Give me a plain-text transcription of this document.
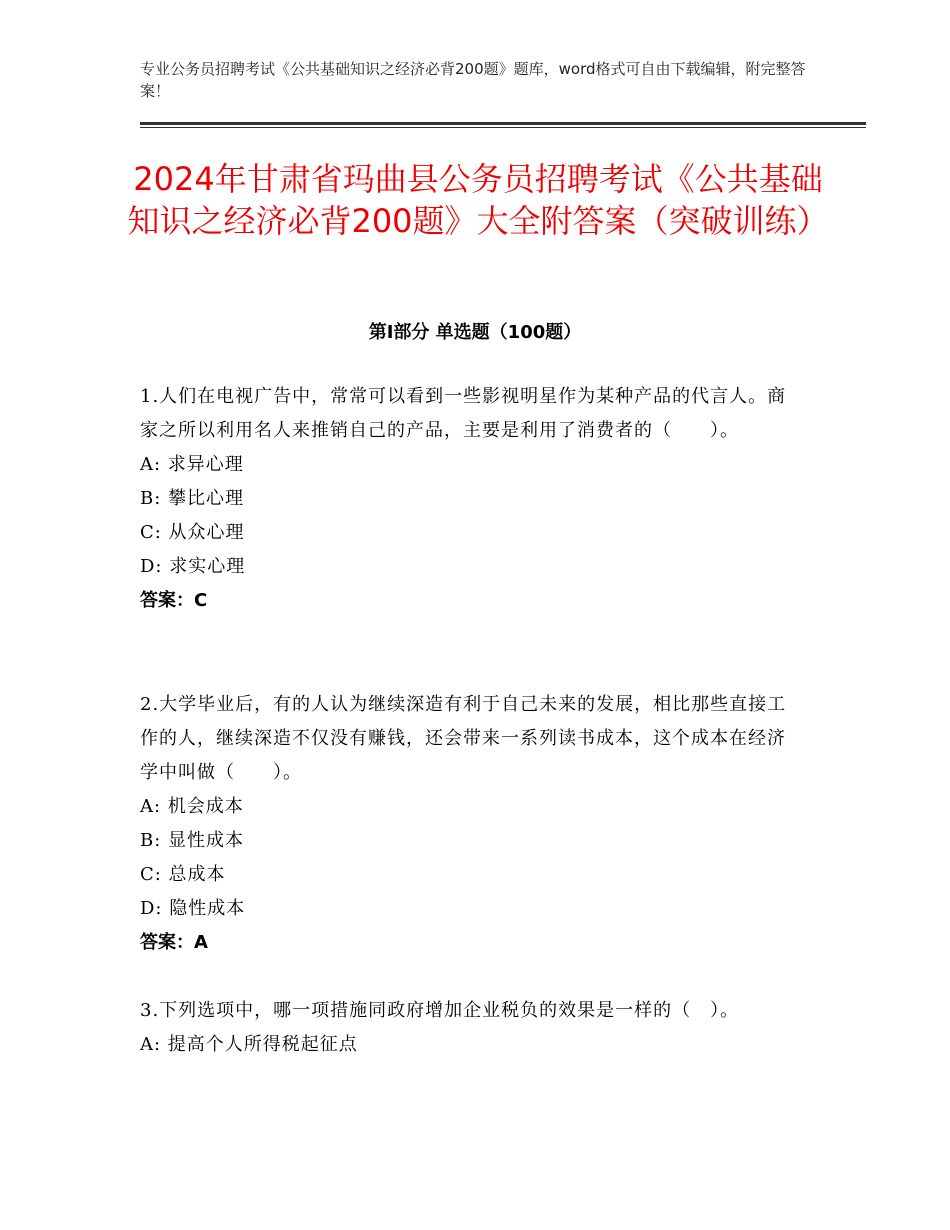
专业公务员招聘考试《公共基础知识之经济必背200题》题库，word格式可自由下载编辑，附完整答案！
2024年甘肃省玛曲县公务员招聘考试《公共基础知识之经济必背200题》大全附答案（突破训练）
第Ⅰ部分 单选题（100题）
1.人们在电视广告中，常常可以看到一些影视明星作为某种产品的代言人。商家之所以利用名人来推销自己的产品，主要是利用了消费者的（　　）。
A: 求异心理
B: 攀比心理
C: 从众心理
D: 求实心理
答案：C
2.大学毕业后，有的人认为继续深造有利于自己未来的发展，相比那些直接工作的人，继续深造不仅没有赚钱，还会带来一系列读书成本，这个成本在经济学中叫做（　　）。
A: 机会成本
B: 显性成本
C: 总成本
D: 隐性成本
答案：A
3.下列选项中，哪一项措施同政府增加企业税负的效果是一样的（　）。
A: 提高个人所得税起征点
